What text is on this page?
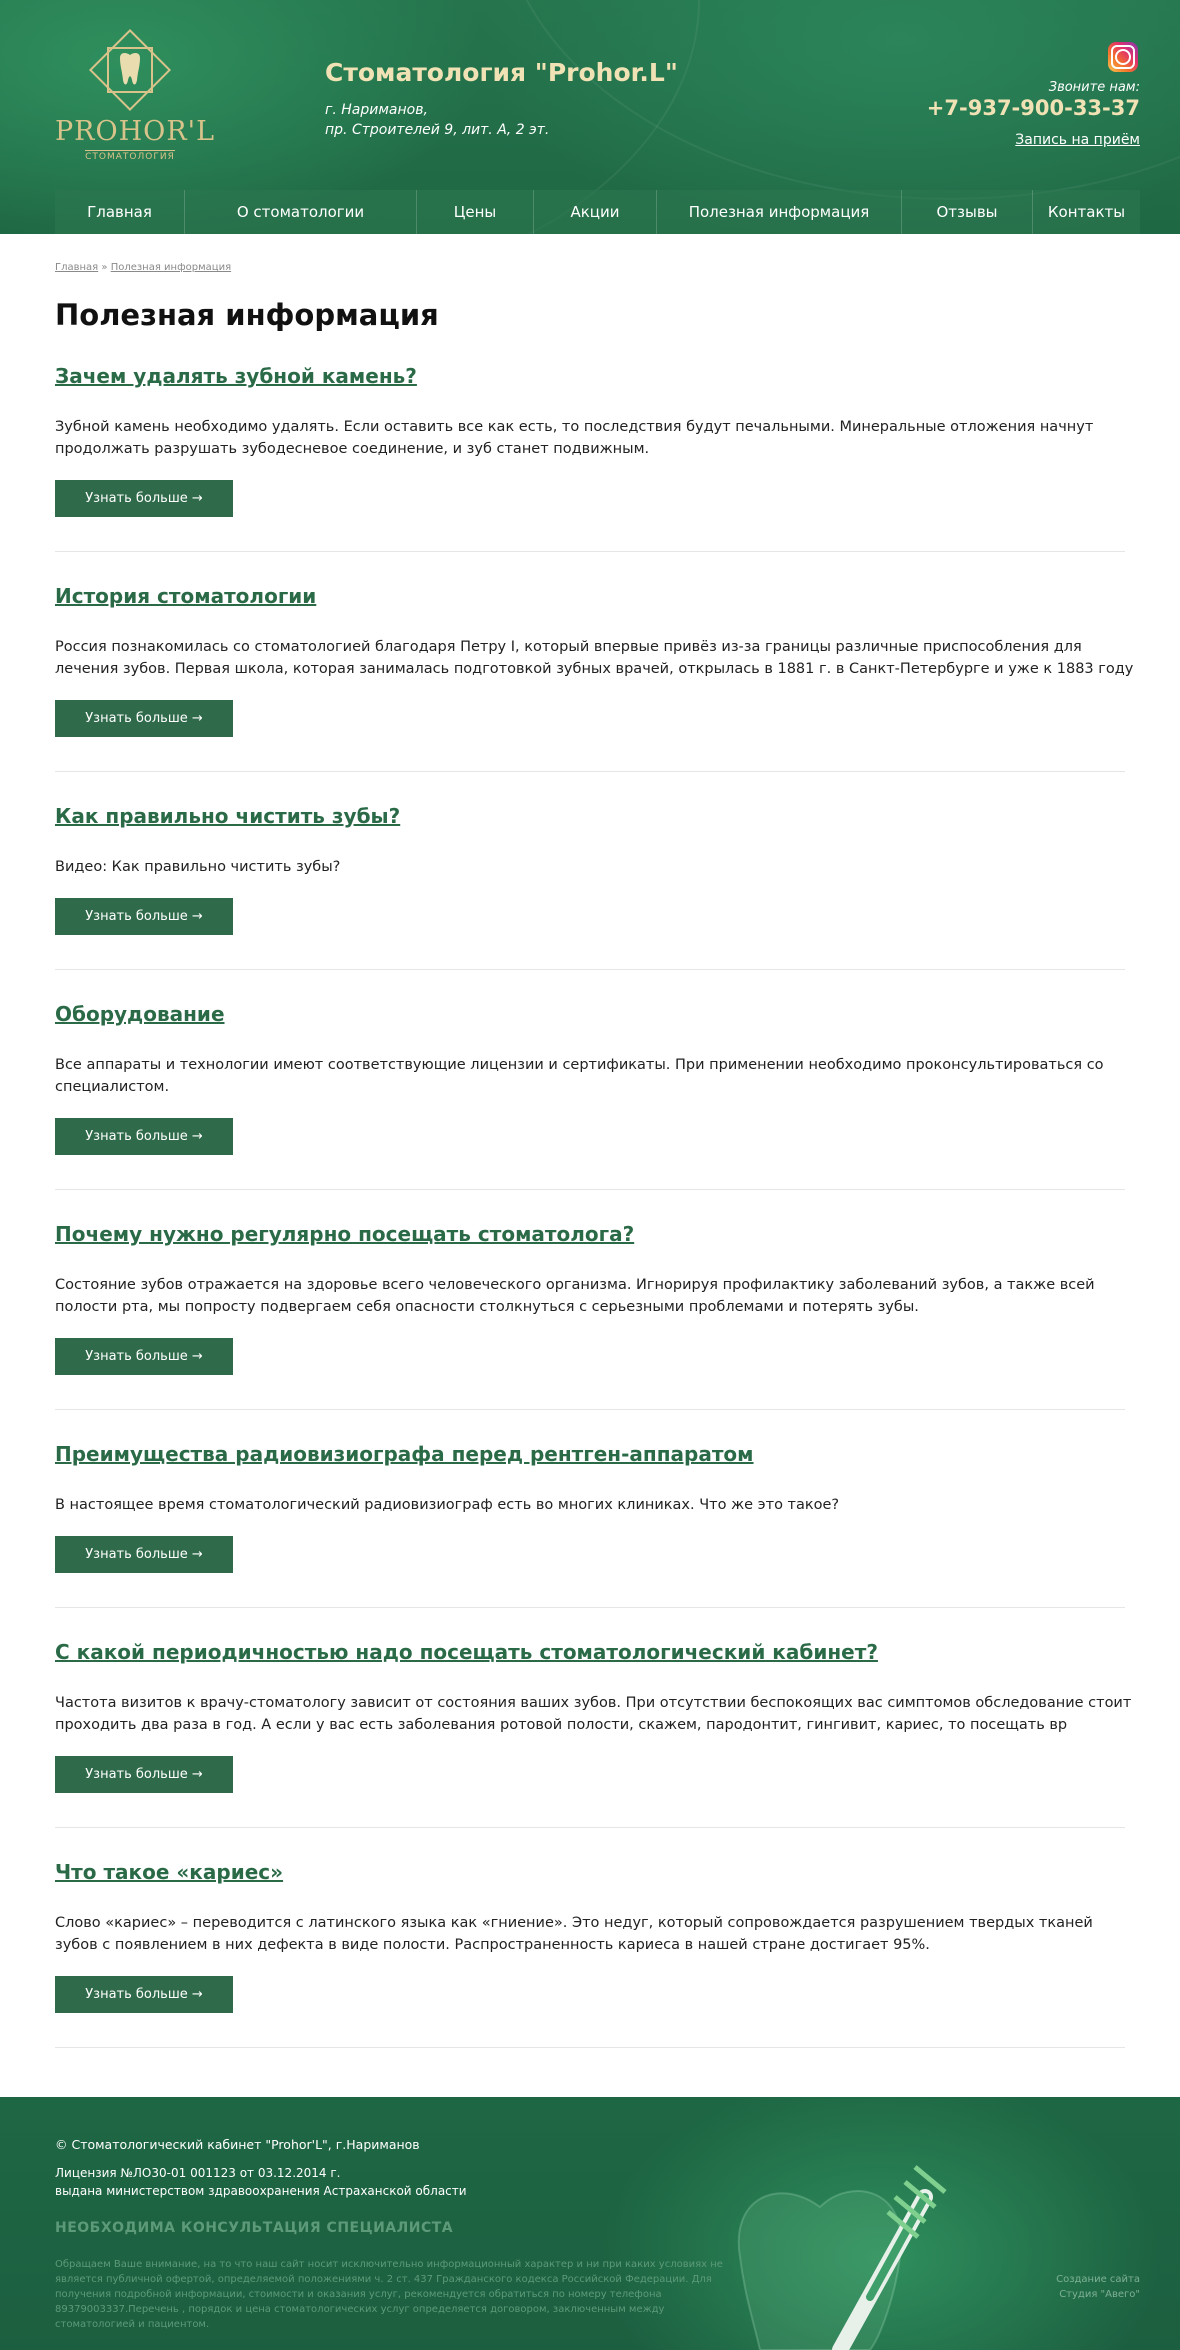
PROHOR'L
СТОМАТОЛОГИЯ
Стоматология "Prohor.L"
г. Нариманов,
пр. Строителей 9, лит. А, 2 эт.
Звоните нам:
+7-937-900-33-37
Запись на приём
Главная	О стоматологии	Цены	Акции	Полезная информация	Отзывы	Контакты
Главная » Полезная информация
Полезная информация
Зачем удалять зубной камень?

Зубной камень необходимо удалять. Если оставить все как есть, то последствия будут печальными. Минеральные отложения начнут продолжать разрушать зубодесневое соединение, и зуб станет подвижным.

Узнать больше →
История стоматологии

Россия познакомилась со стоматологией благодаря Петру I, который впервые привёз из-за границы различные приспособления для лечения зубов. Первая школа, которая занималась подготовкой зубных врачей, открылась в 1881 г. в Санкт-Петербурге и уже к 1883 году

Узнать больше →
Как правильно чистить зубы?

Видео: Как правильно чистить зубы?

Узнать больше →
Оборудование

Все аппараты и технологии имеют соответствующие лицензии и сертификаты. При применении необходимо проконсультироваться со специалистом.

Узнать больше →
Почему нужно регулярно посещать стоматолога?

Состояние зубов отражается на здоровье всего человеческого организма. Игнорируя профилактику заболеваний зубов, а также всей полости рта, мы попросту подвергаем себя опасности столкнуться с серьезными проблемами и потерять зубы.

Узнать больше →
Преимущества радиовизиографа перед рентген-аппаратом

В настоящее время стоматологический радиовизиограф есть во многих клиниках. Что же это такое?

Узнать больше →
С какой периодичностью надо посещать стоматологический кабинет?

Частота визитов к врачу-стоматологу зависит от состояния ваших зубов. При отсутствии беспокоящих вас симптомов обследование стоит проходить два раза в год. А если у вас есть заболевания ротовой полости, скажем, пародонтит, гингивит, кариес, то посещать вр

Узнать больше →
Что такое «кариес»

Слово «кариес» – переводится с латинского языка как «гниение». Это недуг, который сопровождается разрушением твердых тканей зубов с появлением в них дефекта в виде полости. Распространенность кариеса в нашей стране достигает 95%.

Узнать больше →
© Стоматологический кабинет "Prohor'L", г.Нариманов
Лицензия №ЛО30-01 001123 от 03.12.2014 г.
выдана министерством здравоохранения Астраханской области
НЕОБХОДИМА КОНСУЛЬТАЦИЯ СПЕЦИАЛИСТА
Обращаем Ваше внимание, на то что наш сайт носит исключительно информационный характер и ни при каких условиях не является публичной офертой, определяемой положениями ч. 2 ст. 437 Гражданского кодекса Российской Федерации. Для получения подробной информации, стоимости и оказания услуг, рекомендуется обратиться по номеру телефона 89379003337.Перечень , порядок и цена стоматологических услуг определяется договором, заключенным между стоматологией и пациентом.
Создание сайта
Студия "Авего"
